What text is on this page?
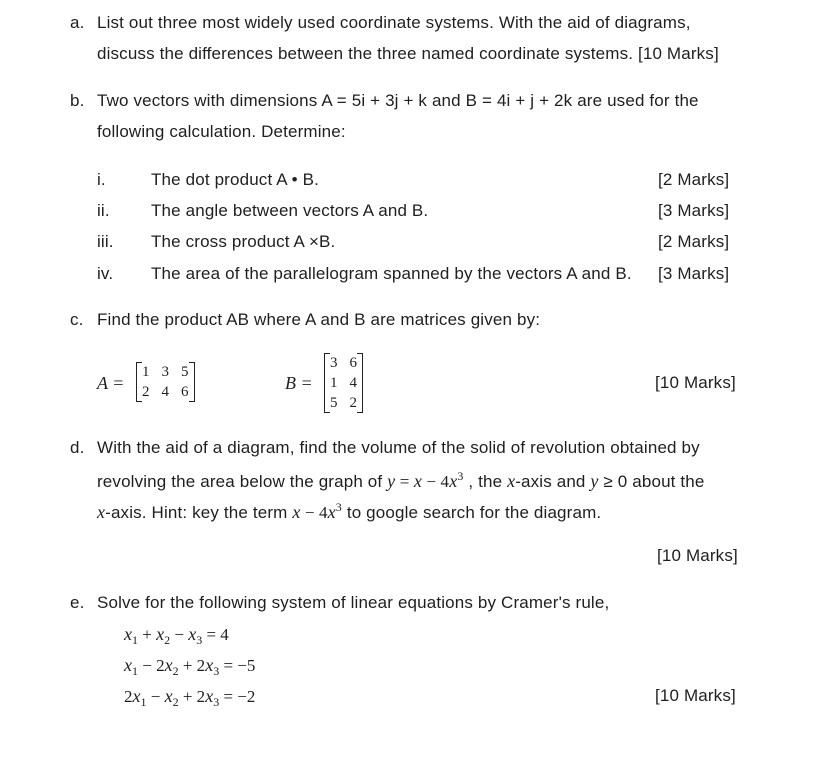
a. List out three most widely used coordinate systems. With the aid of diagrams,
discuss the differences between the three named coordinate systems. [10 Marks]
b. Two vectors with dimensions A = 5i + 3j + k and B = 4i + j + 2k are used for the
following calculation. Determine:
i.	The dot product A • B.	[2 Marks]
ii. The angle between vectors A and B.	[3 Marks]
iii. The cross product A ×B.	[2 Marks]
iv. The area of the parallelogram spanned by the vectors A and B. [3 Marks]
c. Find the product AB where A and B are matrices given by:
A =
1	3	5
2	4	6	B =
3	6
1	4
5	2
[10 Marks]
d. With the aid of a diagram, find the volume of the solid of revolution obtained by
revolving the area below the graph of $y = x - 4x^3$ , the x-axis and y ≥ 0 about the
x-axis. Hint: key the term $x - 4x^3$ to google search for the diagram.
[10 Marks]
e. Solve for the following system of linear equations by Cramer's rule,
$x_1 + x_2 - x_3 = 4$
$x_1 - 2x_2 + 2x_3 = -5$
$2x_1 - x_2 + 2x_3 = -2$	[10 Marks]
